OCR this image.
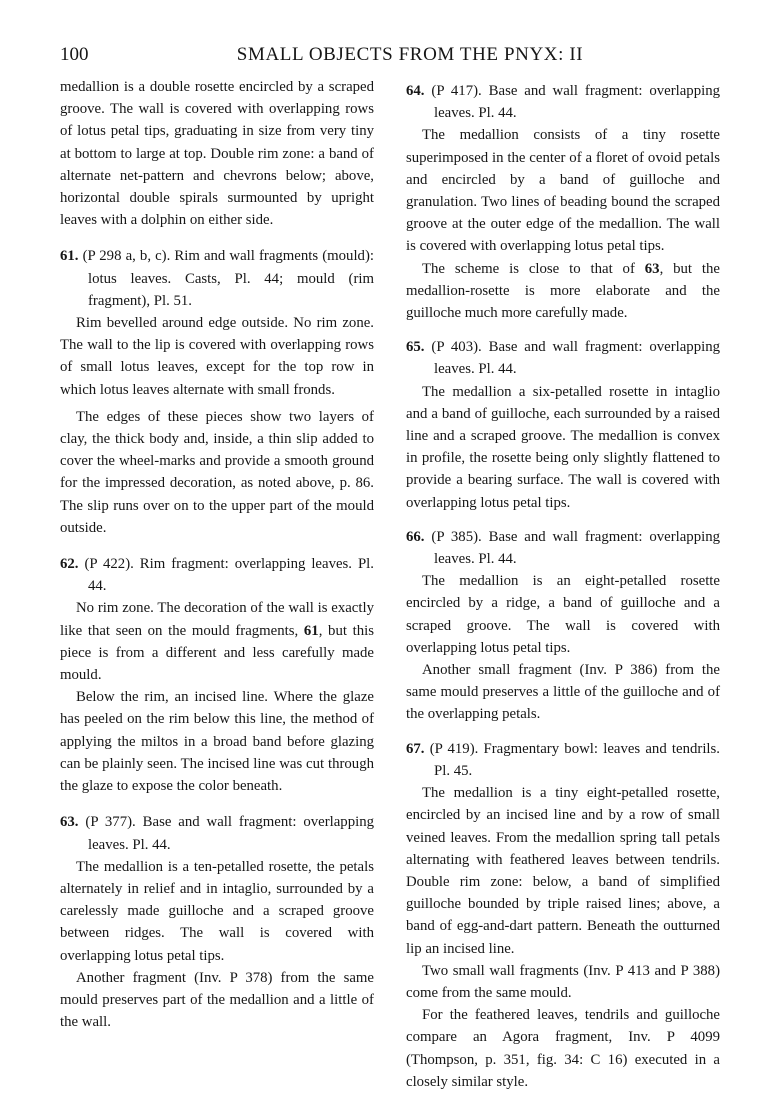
100	SMALL OBJECTS FROM THE PNYX: II

medallion is a double rosette encircled by a scraped groove. The wall is covered with overlapping rows of lotus petal tips, graduating in size from very tiny at bottom to large at top. Double rim zone: a band of alternate net-pattern and chevrons below; above, horizontal double spirals surmounted by upright leaves with a dolphin on either side.

61. (P 298 a, b, c). Rim and wall fragments (mould): lotus leaves. Casts, Pl. 44; mould (rim fragment), Pl. 51.

Rim bevelled around edge outside. No rim zone. The wall to the lip is covered with overlapping rows of small lotus leaves, except for the top row in which lotus leaves alternate with small fronds.

The edges of these pieces show two layers of clay, the thick body and, inside, a thin slip added to cover the wheel-marks and provide a smooth ground for the impressed decoration, as noted above, p. 86. The slip runs over on to the upper part of the mould outside.

62. (P 422). Rim fragment: overlapping leaves. Pl. 44.

No rim zone. The decoration of the wall is exactly like that seen on the mould fragments, 61, but this piece is from a different and less carefully made mould.

Below the rim, an incised line. Where the glaze has peeled on the rim below this line, the method of applying the miltos in a broad band before glazing can be plainly seen. The incised line was cut through the glaze to expose the color beneath.

63. (P 377). Base and wall fragment: overlapping leaves. Pl. 44.

The medallion is a ten-petalled rosette, the petals alternately in relief and in intaglio, surrounded by a carelessly made guilloche and a scraped groove between ridges. The wall is covered with overlapping lotus petal tips.

Another fragment (Inv. P 378) from the same mould preserves part of the medallion and a little of the wall.

64. (P 417). Base and wall fragment: overlapping leaves. Pl. 44.

The medallion consists of a tiny rosette superimposed in the center of a floret of ovoid petals and encircled by a band of guilloche and granulation. Two lines of beading bound the scraped groove at the outer edge of the medallion. The wall is covered with overlapping lotus petal tips.

The scheme is close to that of 63, but the medallion-rosette is more elaborate and the guilloche much more carefully made.

65. (P 403). Base and wall fragment: overlapping leaves. Pl. 44.

The medallion a six-petalled rosette in intaglio and a band of guilloche, each surrounded by a raised line and a scraped groove. The medallion is convex in profile, the rosette being only slightly flattened to provide a bearing surface. The wall is covered with overlapping lotus petal tips.

66. (P 385). Base and wall fragment: overlapping leaves. Pl. 44.

The medallion is an eight-petalled rosette encircled by a ridge, a band of guilloche and a scraped groove. The wall is covered with overlapping lotus petal tips.

Another small fragment (Inv. P 386) from the same mould preserves a little of the guilloche and of the overlapping petals.

67. (P 419). Fragmentary bowl: leaves and tendrils. Pl. 45.

The medallion is a tiny eight-petalled rosette, encircled by an incised line and by a row of small veined leaves. From the medallion spring tall petals alternating with feathered leaves between tendrils. Double rim zone: below, a band of simplified guilloche bounded by triple raised lines; above, a band of egg-and-dart pattern. Beneath the outturned lip an incised line.

Two small wall fragments (Inv. P 413 and P 388) come from the same mould.

For the feathered leaves, tendrils and guilloche compare an Agora fragment, Inv. P 4099 (Thompson, p. 351, fig. 34: C 16) executed in a closely similar style.
